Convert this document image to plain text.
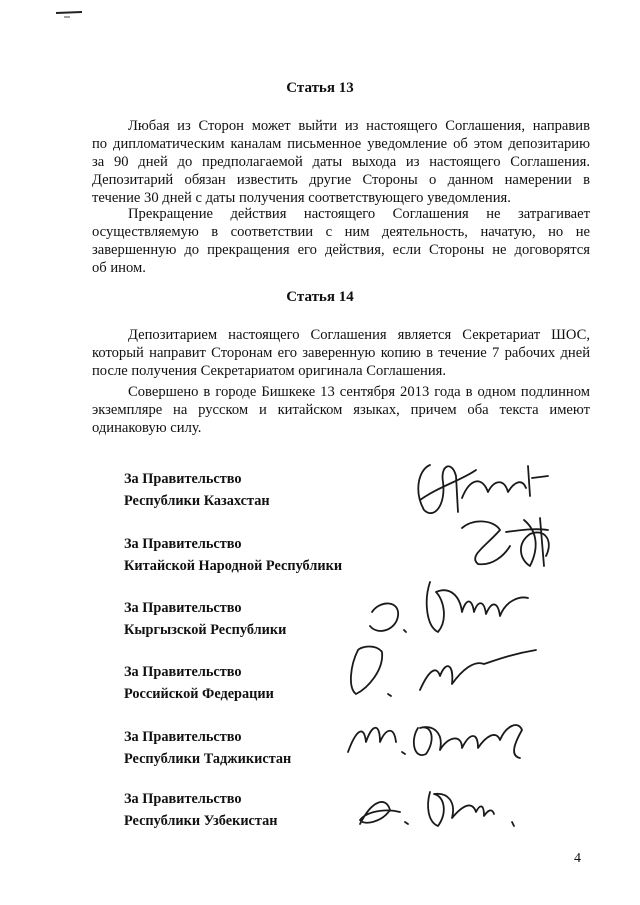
Статья 13
Любая из Сторон может выйти из настоящего Соглашения, направив
по дипломатическим каналам письменное уведомление об этом депозитарию
за 90 дней до предполагаемой даты выхода из настоящего Соглашения.
Депозитарий обязан известить другие Стороны о данном намерении в
течение 30 дней с даты получения соответствующего уведомления.
Прекращение действия настоящего Соглашения не затрагивает
осуществляемую в соответствии с ним деятельность, начатую, но не
завершенную до прекращения его действия, если Стороны не договорятся
об ином.
Статья 14
Депозитарием настоящего Соглашения является Секретариат ШОС,
который направит Сторонам его заверенную копию в течение 7 рабочих дней
после получения Секретариатом оригинала Соглашения.
Совершено в городе Бишкеке 13 сентября 2013 года в одном подлинном
экземпляре на русском и китайском языках, причем оба текста имеют
одинаковую силу.
За Правительство
Республики Казахстан
За Правительство
Китайской Народной Республики
За Правительство
Кыргызской Республики
За Правительство
Российской Федерации
За Правительство
Республики Таджикистан
За Правительство
Республики Узбекистан
4
